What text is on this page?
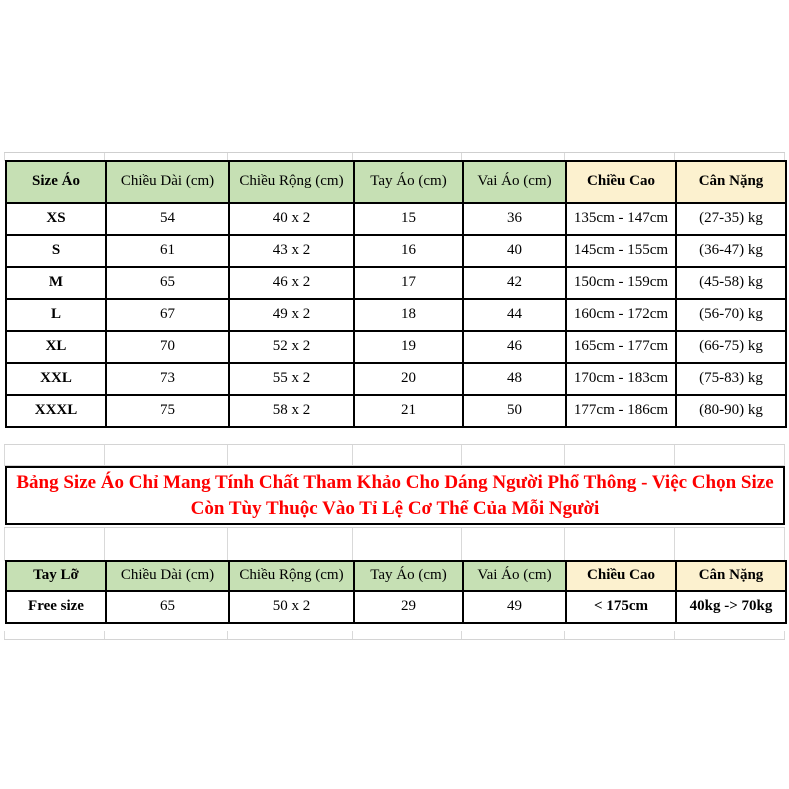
Size Áo	Chiều Dài (cm)	Chiều Rộng (cm)	Tay Áo (cm)	Vai Áo (cm)	Chiều Cao	Cân Nặng
XS	54	40 x 2	15	36	135cm - 147cm	(27-35) kg
S	61	43 x 2	16	40	145cm - 155cm	(36-47) kg
M	65	46 x 2	17	42	150cm - 159cm	(45-58) kg
L	67	49 x 2	18	44	160cm - 172cm	(56-70) kg
XL	70	52 x 2	19	46	165cm - 177cm	(66-75) kg
XXL	73	55 x 2	20	48	170cm - 183cm	(75-83) kg
XXXL	75	58 x 2	21	50	177cm - 186cm	(80-90) kg
Bảng Size Áo Chỉ Mang Tính Chất Tham Khảo Cho Dáng Người Phổ Thông - Việc Chọn Size
Còn Tùy Thuộc Vào Tỉ Lệ Cơ Thể Của Mỗi Người
Tay Lỡ	Chiều Dài (cm)	Chiều Rộng (cm)	Tay Áo (cm)	Vai Áo (cm)	Chiều Cao	Cân Nặng
Free size	65	50 x 2	29	49	< 175cm	40kg -> 70kg
